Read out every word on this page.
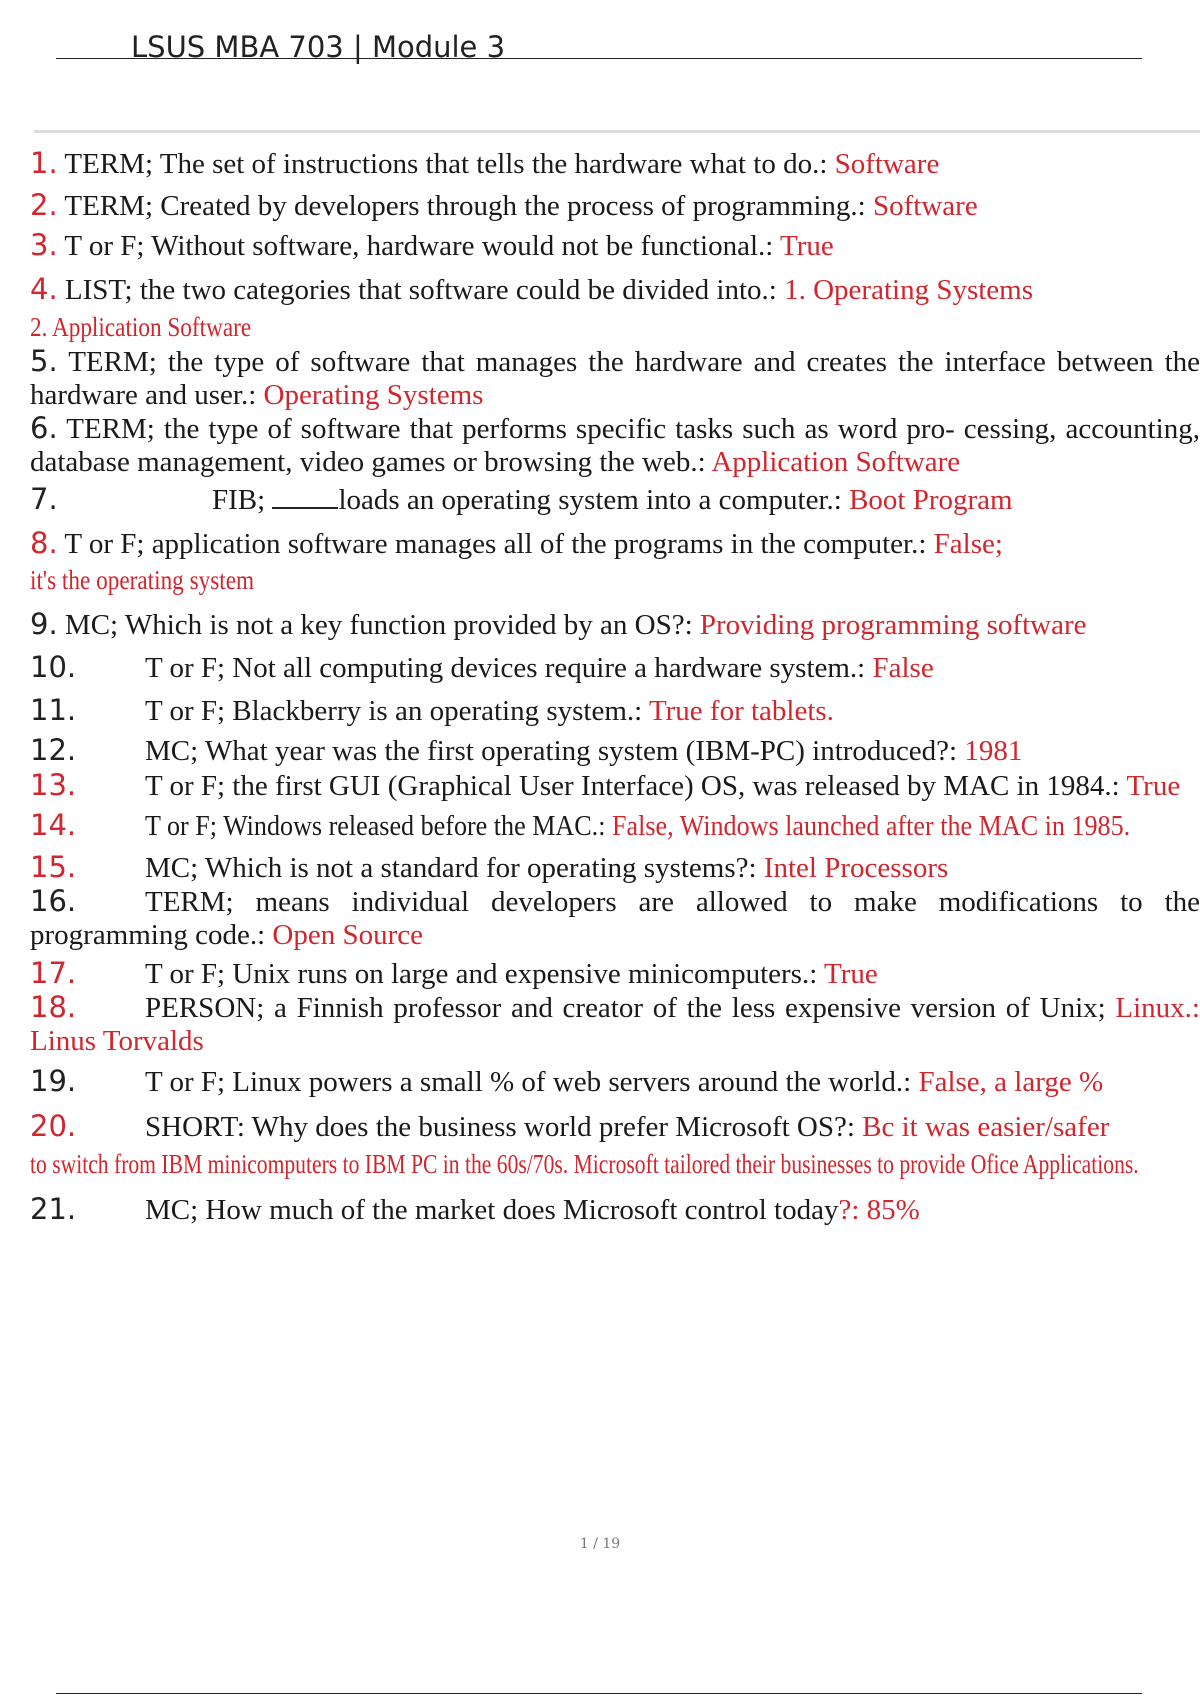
LSUS MBA 703 | Module 3
1. TERM; The set of instructions that tells the hardware what to do.: Software
2. TERM; Created by developers through the process of programming.: Software
3. T or F; Without software, hardware would not be functional.: True
4. LIST; the two categories that software could be divided into.: 1. Operating Systems
2. Application Software
5. TERM; the type of software that manages the hardware and creates the interface between the hardware and user.: Operating Systems
6. TERM; the type of software that performs specific tasks such as word pro- cessing, accounting, database management, video games or browsing the web.: Application Software
7.	FIB; loads an operating system into a computer.: Boot Program
8. T or F; application software manages all of the programs in the computer.: False;
it's the operating system
9. MC; Which is not a key function provided by an OS?: Providing programming software
10. T or F; Not all computing devices require a hardware system.: False
11. T or F; Blackberry is an operating system.: True for tablets.
12. MC; What year was the first operating system (IBM-PC) introduced?: 1981
13. T or F; the first GUI (Graphical User Interface) OS, was released by MAC in 1984.: True
14. T or F; Windows released before the MAC.: False, Windows launched after the MAC in 1985.
15. MC; Which is not a standard for operating systems?: Intel Processors
16. TERM; means individual developers are allowed to make modifications to the programming code.: Open Source
17. T or F; Unix runs on large and expensive minicomputers.: True
18. PERSON; a Finnish professor and creator of the less expensive version of Unix; Linux.: Linus Torvalds
19. T or F; Linux powers a small % of web servers around the world.: False, a large %
20. SHORT: Why does the business world prefer Microsoft OS?: Bc it was easier/safer
to switch from IBM minicomputers to IBM PC in the 60s/70s. Microsoft tailored their businesses to provide Ofice Applications.
21. MC; How much of the market does Microsoft control today?: 85%
1 / 19
